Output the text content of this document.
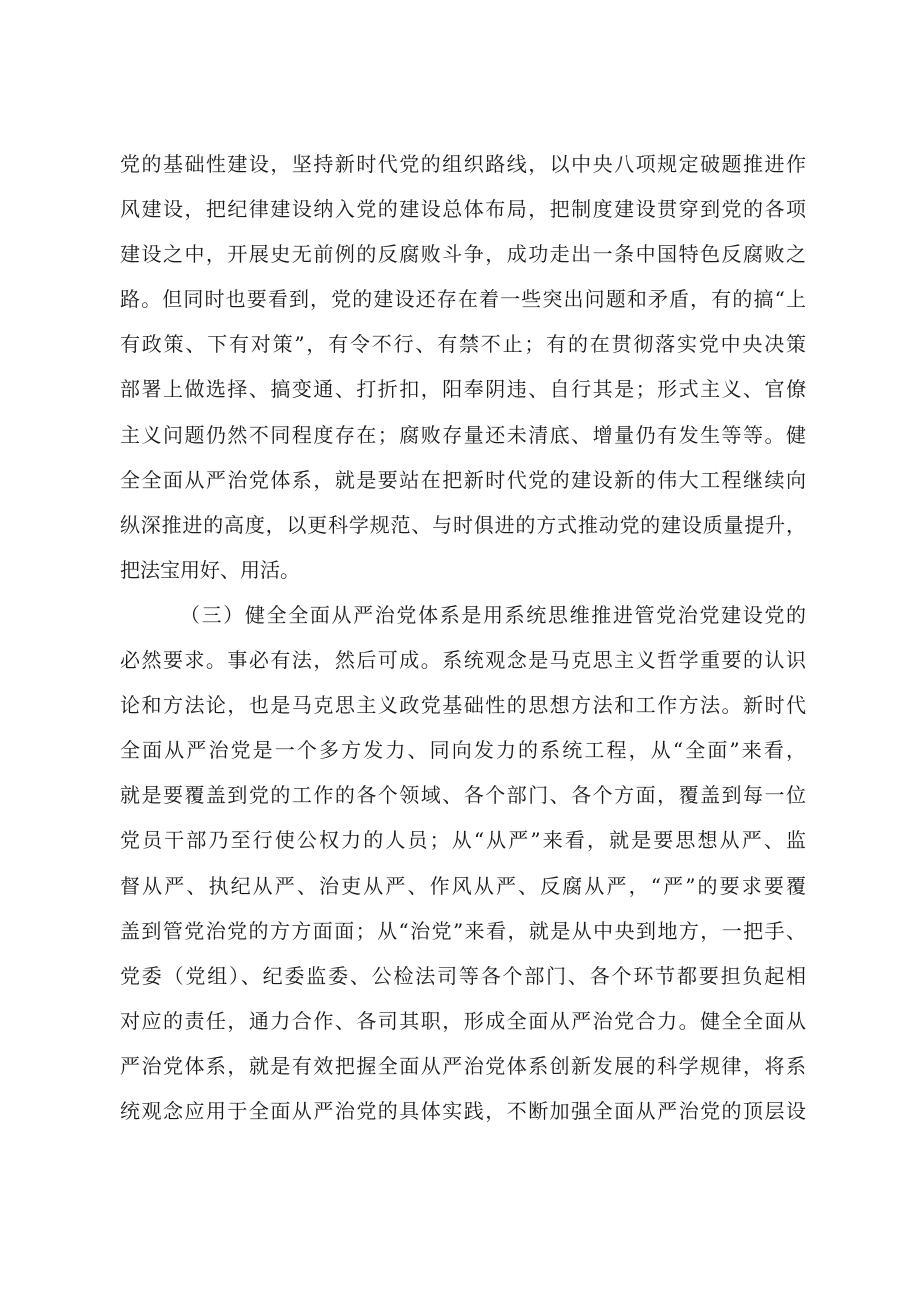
党的基础性建设，坚持新时代党的组织路线，以中央八项规定破题推进作
风建设，把纪律建设纳入党的建设总体布局，把制度建设贯穿到党的各项
建设之中，开展史无前例的反腐败斗争，成功走出一条中国特色反腐败之
路。但同时也要看到，党的建设还存在着一些突出问题和矛盾，有的搞“上
有政策、下有对策”，有令不行、有禁不止；有的在贯彻落实党中央决策
部署上做选择、搞变通、打折扣，阳奉阴违、自行其是；形式主义、官僚
主义问题仍然不同程度存在；腐败存量还未清底、增量仍有发生等等。健
全全面从严治党体系，就是要站在把新时代党的建设新的伟大工程继续向
纵深推进的高度，以更科学规范、与时俱进的方式推动党的建设质量提升，
把法宝用好、用活。
（三）健全全面从严治党体系是用系统思维推进管党治党建设党的
必然要求。事必有法，然后可成。系统观念是马克思主义哲学重要的认识
论和方法论，也是马克思主义政党基础性的思想方法和工作方法。新时代
全面从严治党是一个多方发力、同向发力的系统工程，从“全面”来看，
就是要覆盖到党的工作的各个领域、各个部门、各个方面，覆盖到每一位
党员干部乃至行使公权力的人员；从“从严”来看，就是要思想从严、监
督从严、执纪从严、治吏从严、作风从严、反腐从严，“严”的要求要覆
盖到管党治党的方方面面；从“治党”来看，就是从中央到地方，一把手、
党委（党组）、纪委监委、公检法司等各个部门、各个环节都要担负起相
对应的责任，通力合作、各司其职，形成全面从严治党合力。健全全面从
严治党体系，就是有效把握全面从严治党体系创新发展的科学规律，将系
统观念应用于全面从严治党的具体实践，不断加强全面从严治党的顶层设
